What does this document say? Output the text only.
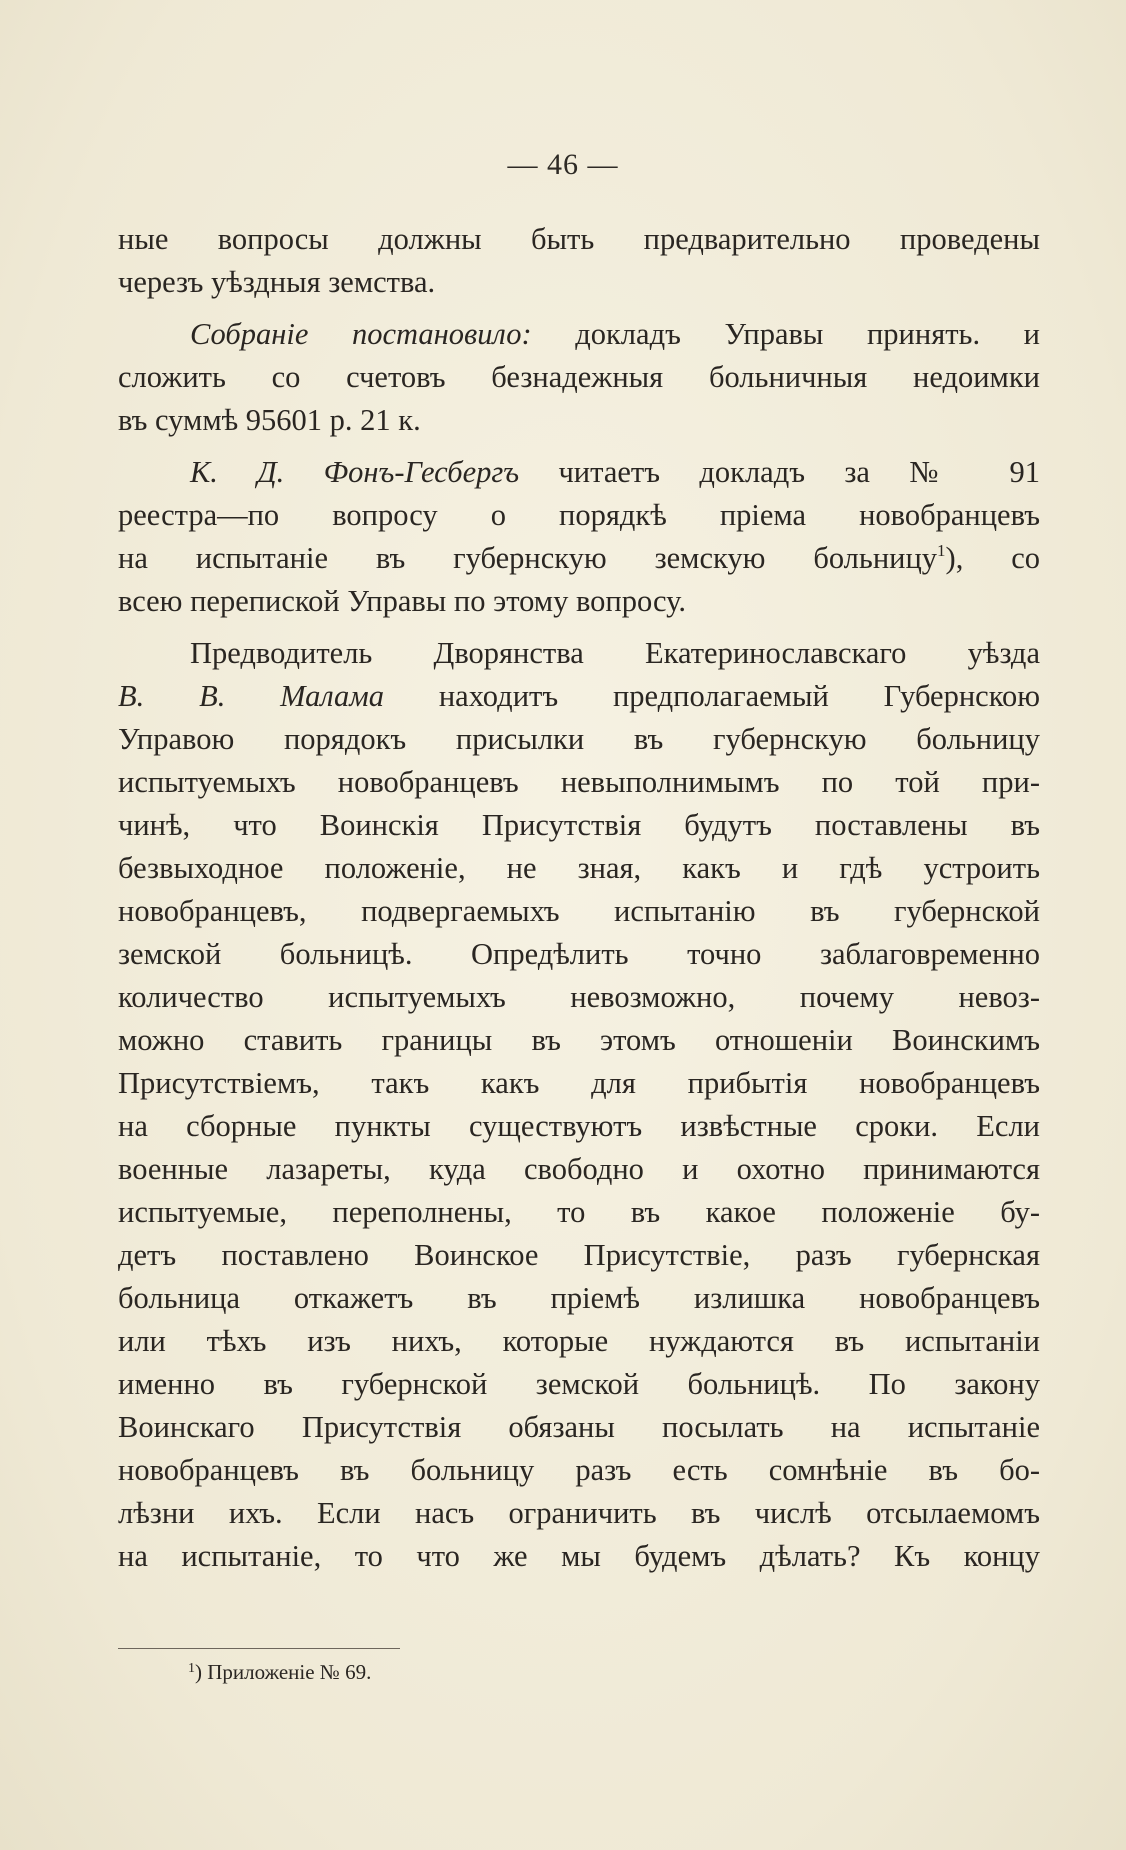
— 46 —
ные вопросы должны быть предварительно проведены
черезъ уѣздныя земства.
Собраніе постановило: докладъ Управы принять. и
сложить со счетовъ безнадежныя больничныя недоимки
въ суммѣ 95601 р. 21 к.
К. Д. Фонъ-Гесбергъ читаетъ докладъ за № 91
реестра—по вопросу о порядкѣ пріема новобранцевъ
на испытаніе въ губернскую земскую больницу$^1$), со
всею перепиской Управы по этому вопросу.
Предводитель Дворянства Екатеринославскаго уѣзда
В. В. Малама находитъ предполагаемый Губернскою
Управою порядокъ присылки въ губернскую больницу
испытуемыхъ новобранцевъ невыполнимымъ по той при-
чинѣ, что Воинскія Присутствія будутъ поставлены въ
безвыходное положеніе, не зная, какъ и гдѣ устроить
новобранцевъ, подвергаемыхъ испытанію въ губернской
земской больницѣ. Опредѣлить точно заблаговременно
количество испытуемыхъ невозможно, почему невоз-
можно ставить границы въ этомъ отношеніи Воинскимъ
Присутствіемъ, такъ какъ для прибытія новобранцевъ
на сборные пункты существуютъ извѣстные сроки. Если
военные лазареты, куда свободно и охотно принимаются
испытуемые, переполнены, то въ какое положеніе бу-
детъ поставлено Воинское Присутствіе, разъ губернская
больница откажетъ въ пріемѣ излишка новобранцевъ
или тѣхъ изъ нихъ, которые нуждаются въ испытаніи
именно въ губернской земской больницѣ. По закону
Воинскаго Присутствія обязаны посылать на испытаніе
новобранцевъ въ больницу разъ есть сомнѣніе въ бо-
лѣзни ихъ. Если насъ ограничить въ числѣ отсылаемомъ
на испытаніе, то что же мы будемъ дѣлать? Къ концу
$^1$) Приложеніе № 69.
